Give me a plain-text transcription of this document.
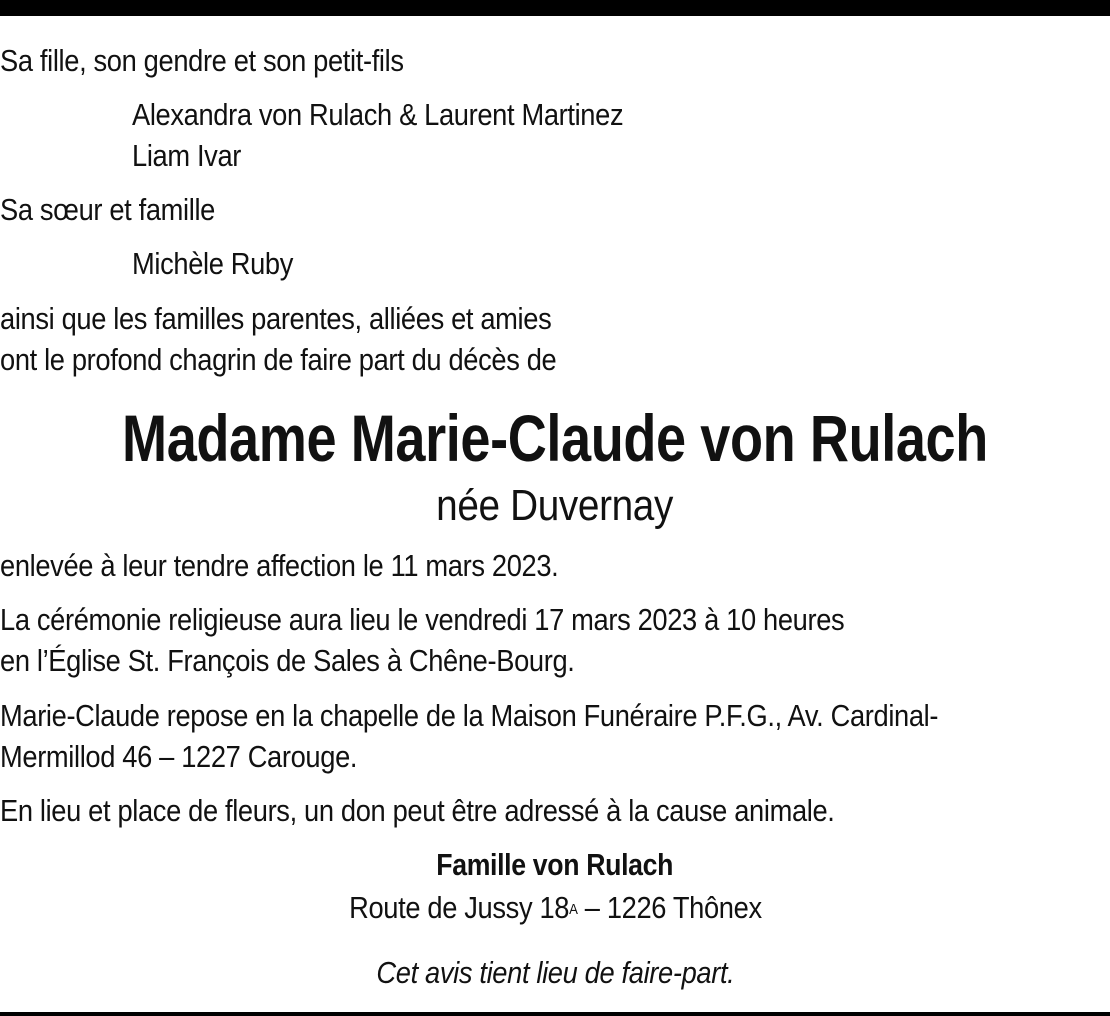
Sa fille, son gendre et son petit-fils
Alexandra von Rulach & Laurent Martinez
Liam Ivar
Sa sœur et famille
Michèle Ruby
ainsi que les familles parentes, alliées et amies
ont le profond chagrin de faire part du décès de
Madame Marie-Claude von Rulach
née Duvernay
enlevée à leur tendre affection le 11 mars 2023.
La cérémonie religieuse aura lieu le vendredi 17 mars 2023 à 10 heures
en l’Église St. François de Sales à Chêne-Bourg.
Marie-Claude repose en la chapelle de la Maison Funéraire P.F.G., Av. Cardinal-
Mermillod 46 – 1227 Carouge.
En lieu et place de fleurs, un don peut être adressé à la cause animale.
Famille von Rulach
Route de Jussy $18^A - 1226$ Thônex
Cet avis tient lieu de faire-part.
